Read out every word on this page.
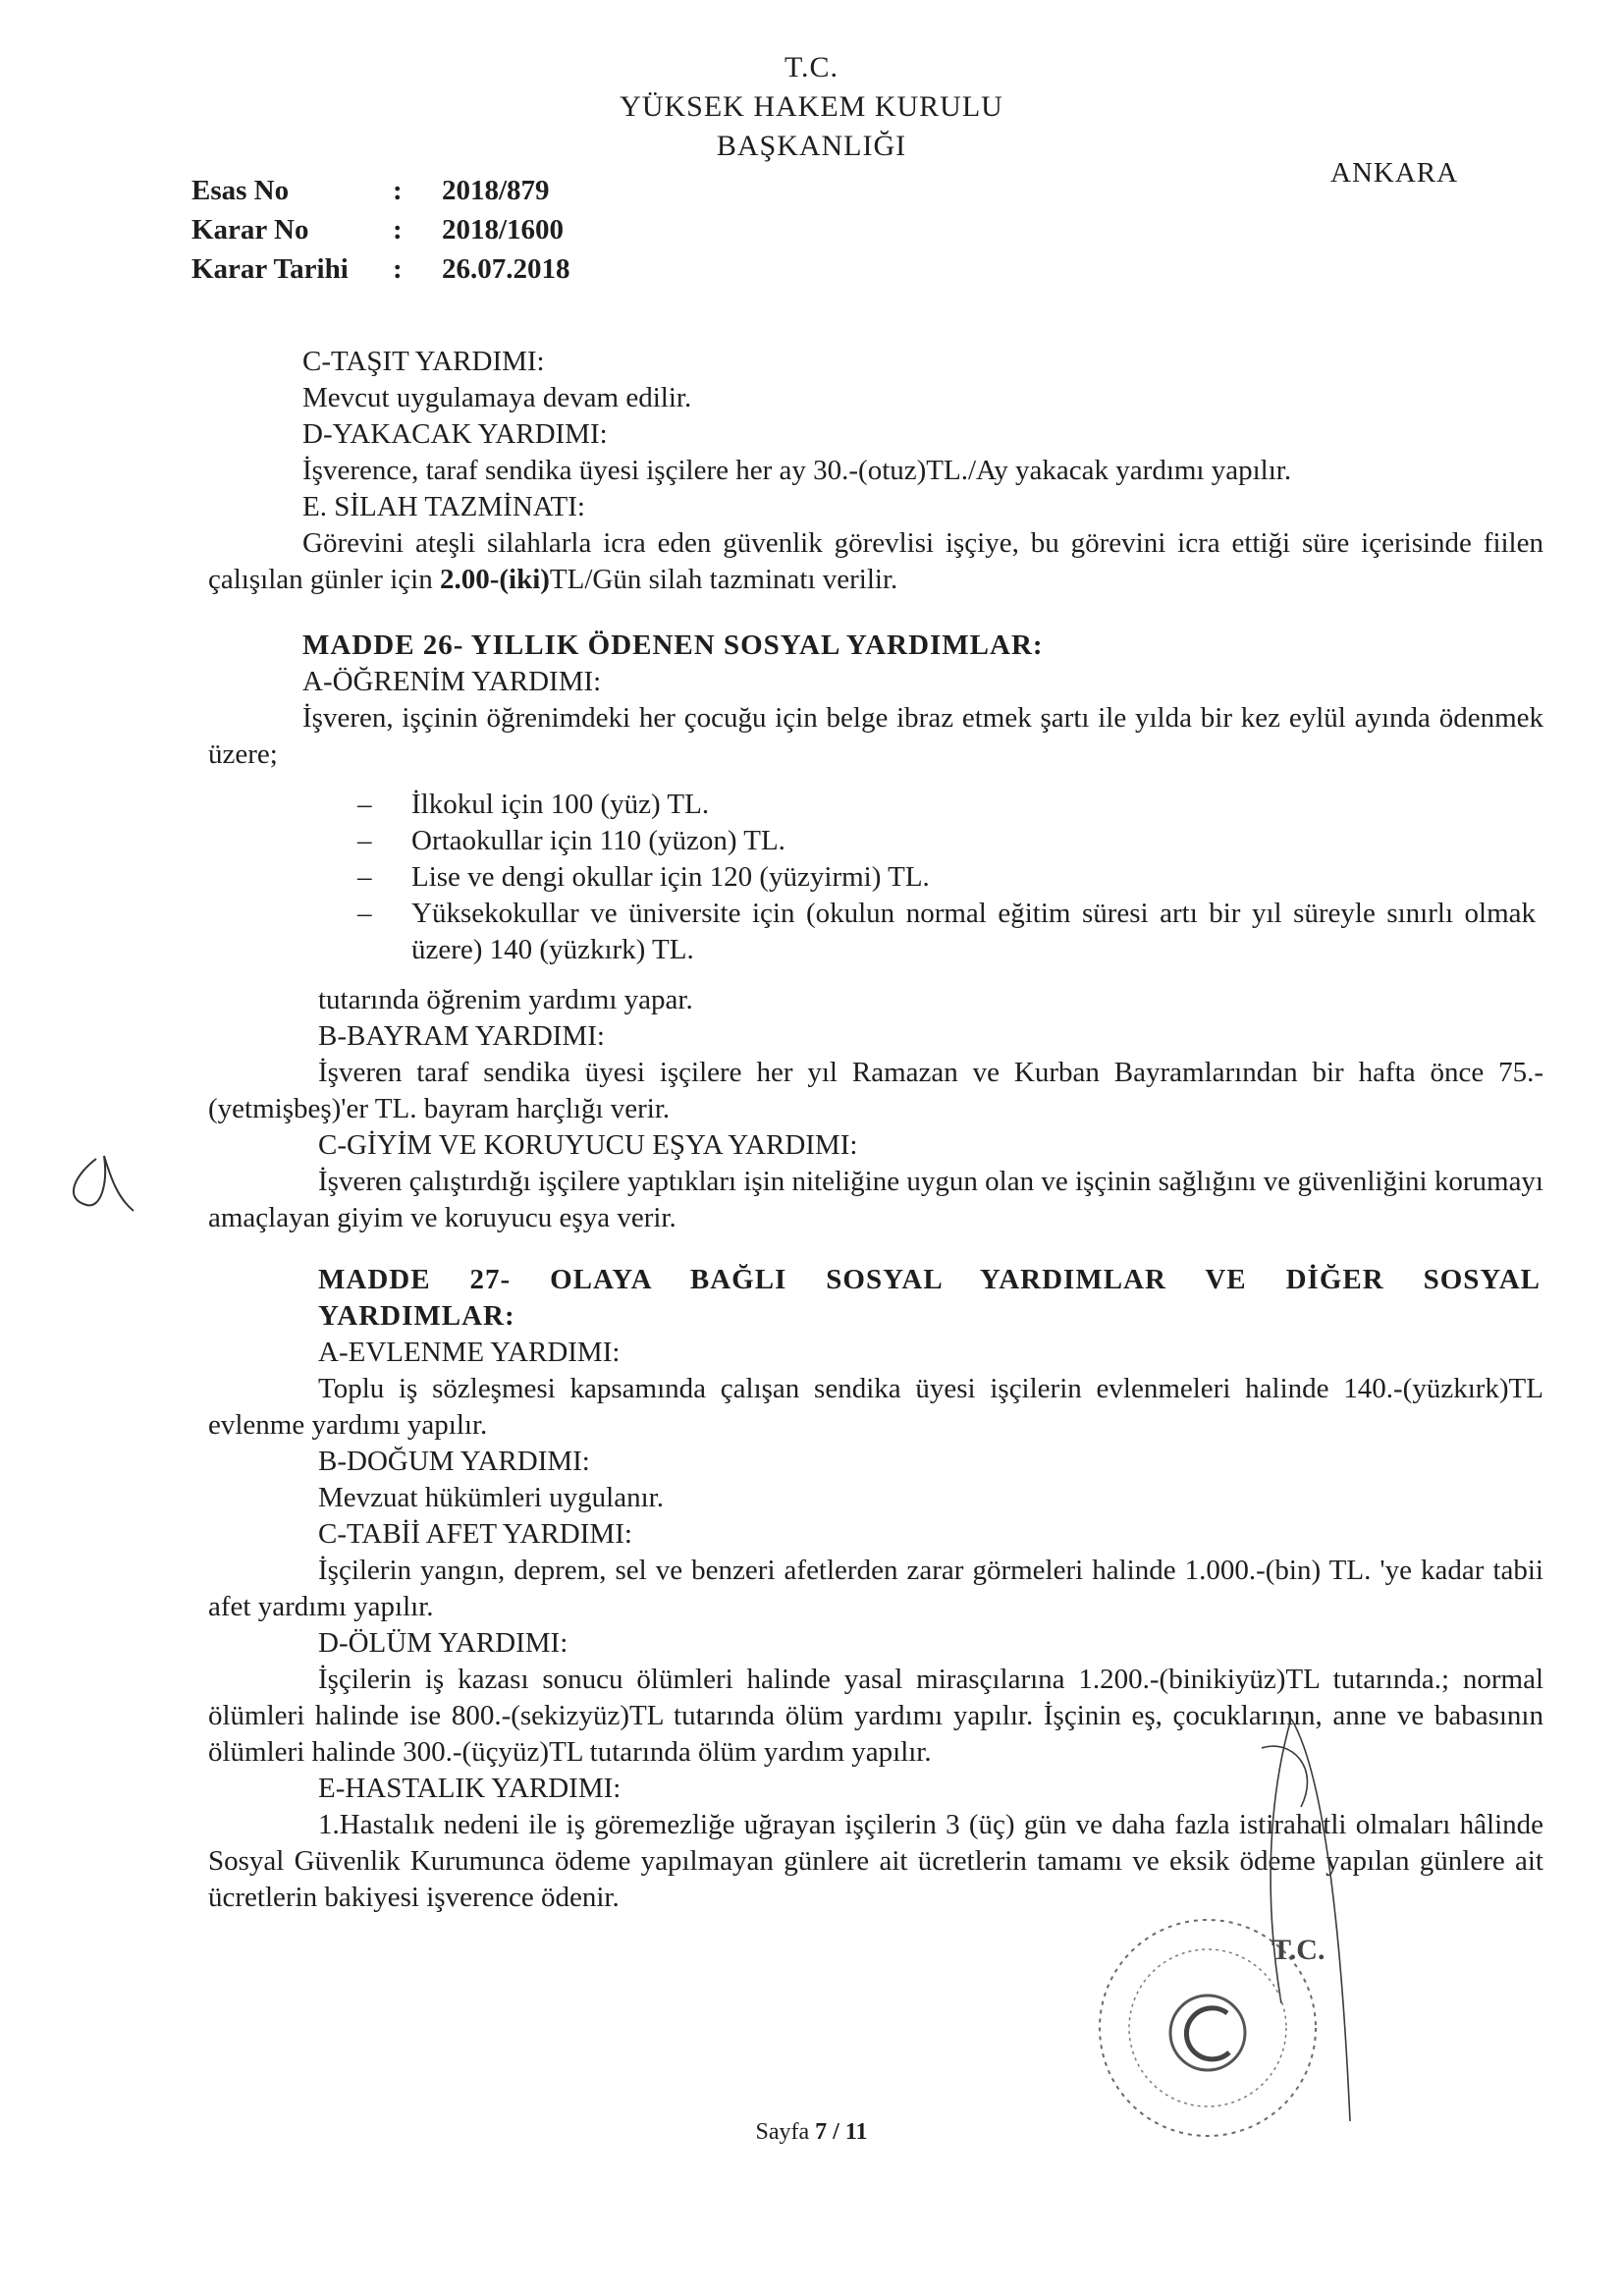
T.C.
YÜKSEK HAKEM KURULU
BAŞKANLIĞI
ANKARA
Esas No	:	2018/879
Karar No	:	2018/1600
Karar Tarihi	:	26.07.2018

C-TAŞIT YARDIMI:

Mevcut uygulamaya devam edilir.

D-YAKACAK YARDIMI:

İşverence, taraf sendika üyesi işçilere her ay 30.-(otuz)TL./Ay yakacak yardımı yapılır.

E. SİLAH TAZMİNATI:

Görevini ateşli silahlarla icra eden güvenlik görevlisi işçiye, bu görevini icra ettiği süre içerisinde fiilen çalışılan günler için 2.00-(iki)TL/Gün silah tazminatı verilir.

MADDE 26- YILLIK ÖDENEN SOSYAL YARDIMLAR:

A-ÖĞRENİM YARDIMI:

İşveren, işçinin öğrenimdeki her çocuğu için belge ibraz etmek şartı ile yılda bir kez eylül ayında ödenmek üzere;

– İlkokul için 100 (yüz) TL.
– Ortaokullar için 110 (yüzon) TL.
– Lise ve dengi okullar için 120 (yüzyirmi) TL.
– Yüksekokullar ve üniversite için (okulun normal eğitim süresi artı bir yıl süreyle sınırlı olmak üzere) 140 (yüzkırk) TL.

tutarında öğrenim yardımı yapar.

B-BAYRAM YARDIMI:

İşveren taraf sendika üyesi işçilere her yıl Ramazan ve Kurban Bayramlarından bir hafta önce 75.-(yetmişbeş)'er TL. bayram harçlığı verir.

C-GİYİM VE KORUYUCU EŞYA YARDIMI:

İşveren çalıştırdığı işçilere yaptıkları işin niteliğine uygun olan ve işçinin sağlığını ve güvenliğini korumayı amaçlayan giyim ve koruyucu eşya verir.

MADDE 27- OLAYA BAĞLI SOSYAL YARDIMLAR VE DİĞER SOSYAL YARDIMLAR:

A-EVLENME YARDIMI:

Toplu iş sözleşmesi kapsamında çalışan sendika üyesi işçilerin evlenmeleri halinde 140.-(yüzkırk)TL evlenme yardımı yapılır.

B-DOĞUM YARDIMI:

Mevzuat hükümleri uygulanır.

C-TABİİ AFET YARDIMI:

İşçilerin yangın, deprem, sel ve benzeri afetlerden zarar görmeleri halinde 1.000.-(bin) TL. 'ye kadar tabii afet yardımı yapılır.

D-ÖLÜM YARDIMI:

İşçilerin iş kazası sonucu ölümleri halinde yasal mirasçılarına 1.200.-(binikiyüz)TL tutarında.; normal ölümleri halinde ise 800.-(sekizyüz)TL tutarında ölüm yardımı yapılır. İşçinin eş, çocuklarının, anne ve babasının ölümleri halinde 300.-(üçyüz)TL tutarında ölüm yardım yapılır.

E-HASTALIK YARDIMI:

1.Hastalık nedeni ile iş göremezliğe uğrayan işçilerin 3 (üç) gün ve daha fazla istirahatli olmaları hâlinde Sosyal Güvenlik Kurumunca ödeme yapılmayan günlere ait ücretlerin tamamı ve eksik ödeme yapılan günlere ait ücretlerin bakiyesi işverence ödenir.

T.C.
Sayfa 7 / 11
